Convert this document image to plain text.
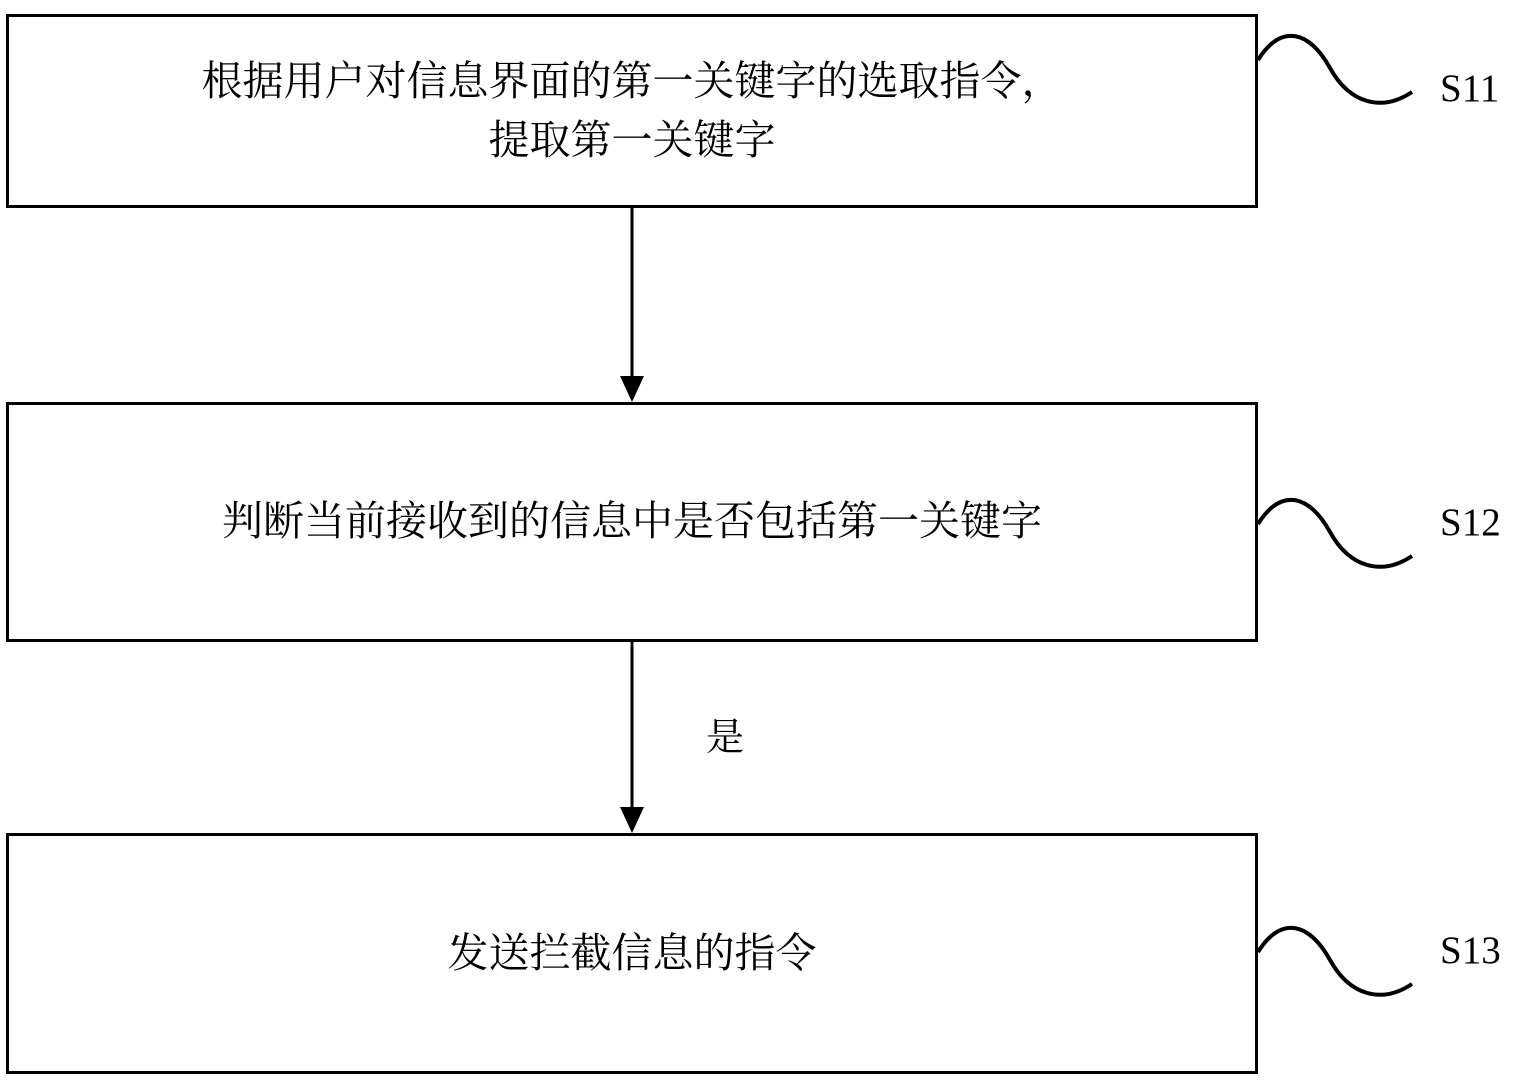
根据用户对信息界面的第一关键字的选取指令，
提取第一关键字
判断当前接收到的信息中是否包括第一关键字
发送拦截信息的指令
S11
S12
S13
是
